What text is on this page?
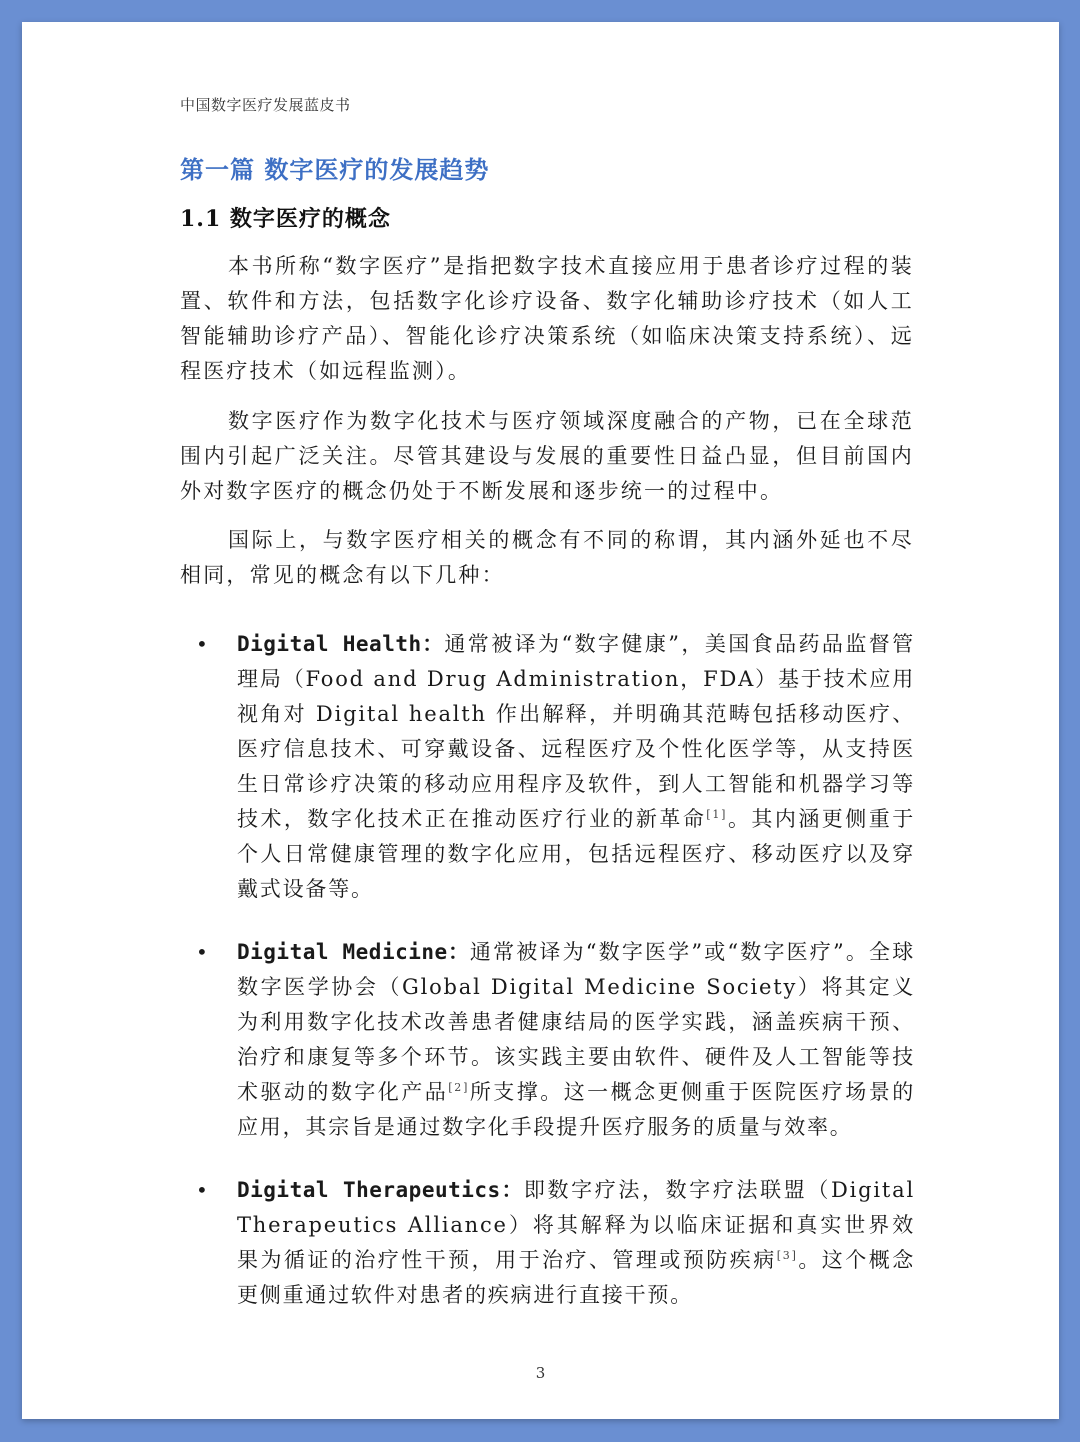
中国数字医疗发展蓝皮书
第一篇 数字医疗的发展趋势
1.1 数字医疗的概念

本书所称“数字医疗”是指把数字技术直接应用于患者诊疗过程的装置、软件和方法，包括数字化诊疗设备、数字化辅助诊疗技术（如人工智能辅助诊疗产品）、智能化诊疗决策系统（如临床决策支持系统）、远程医疗技术（如远程监测）。

数字医疗作为数字化技术与医疗领域深度融合的产物，已在全球范围内引起广泛关注。尽管其建设与发展的重要性日益凸显，但目前国内外对数字医疗的概念仍处于不断发展和逐步统一的过程中。

国际上，与数字医疗相关的概念有不同的称谓，其内涵外延也不尽相同，常见的概念有以下几种：

• Digital Health：通常被译为“数字健康”，美国食品药品监督管理局（Food and Drug Administration，FDA）基于技术应用视角对 Digital health 作出解释，并明确其范畴包括移动医疗、医疗信息技术、可穿戴设备、远程医疗及个性化医学等，从支持医生日常诊疗决策的移动应用程序及软件，到人工智能和机器学习等技术，数字化技术正在推动医疗行业的新革命[1]。其内涵更侧重于个人日常健康管理的数字化应用，包括远程医疗、移动医疗以及穿戴式设备等。
• Digital Medicine：通常被译为“数字医学”或“数字医疗”。全球数字医学协会（Global Digital Medicine Society）将其定义为利用数字化技术改善患者健康结局的医学实践，涵盖疾病干预、治疗和康复等多个环节。该实践主要由软件、硬件及人工智能等技术驱动的数字化产品[2]所支撑。这一概念更侧重于医院医疗场景的应用，其宗旨是通过数字化手段提升医疗服务的质量与效率。
• Digital Therapeutics：即数字疗法，数字疗法联盟（Digital Therapeutics Alliance）将其解释为以临床证据和真实世界效果为循证的治疗性干预，用于治疗、管理或预防疾病[3]。这个概念更侧重通过软件对患者的疾病进行直接干预。
3
